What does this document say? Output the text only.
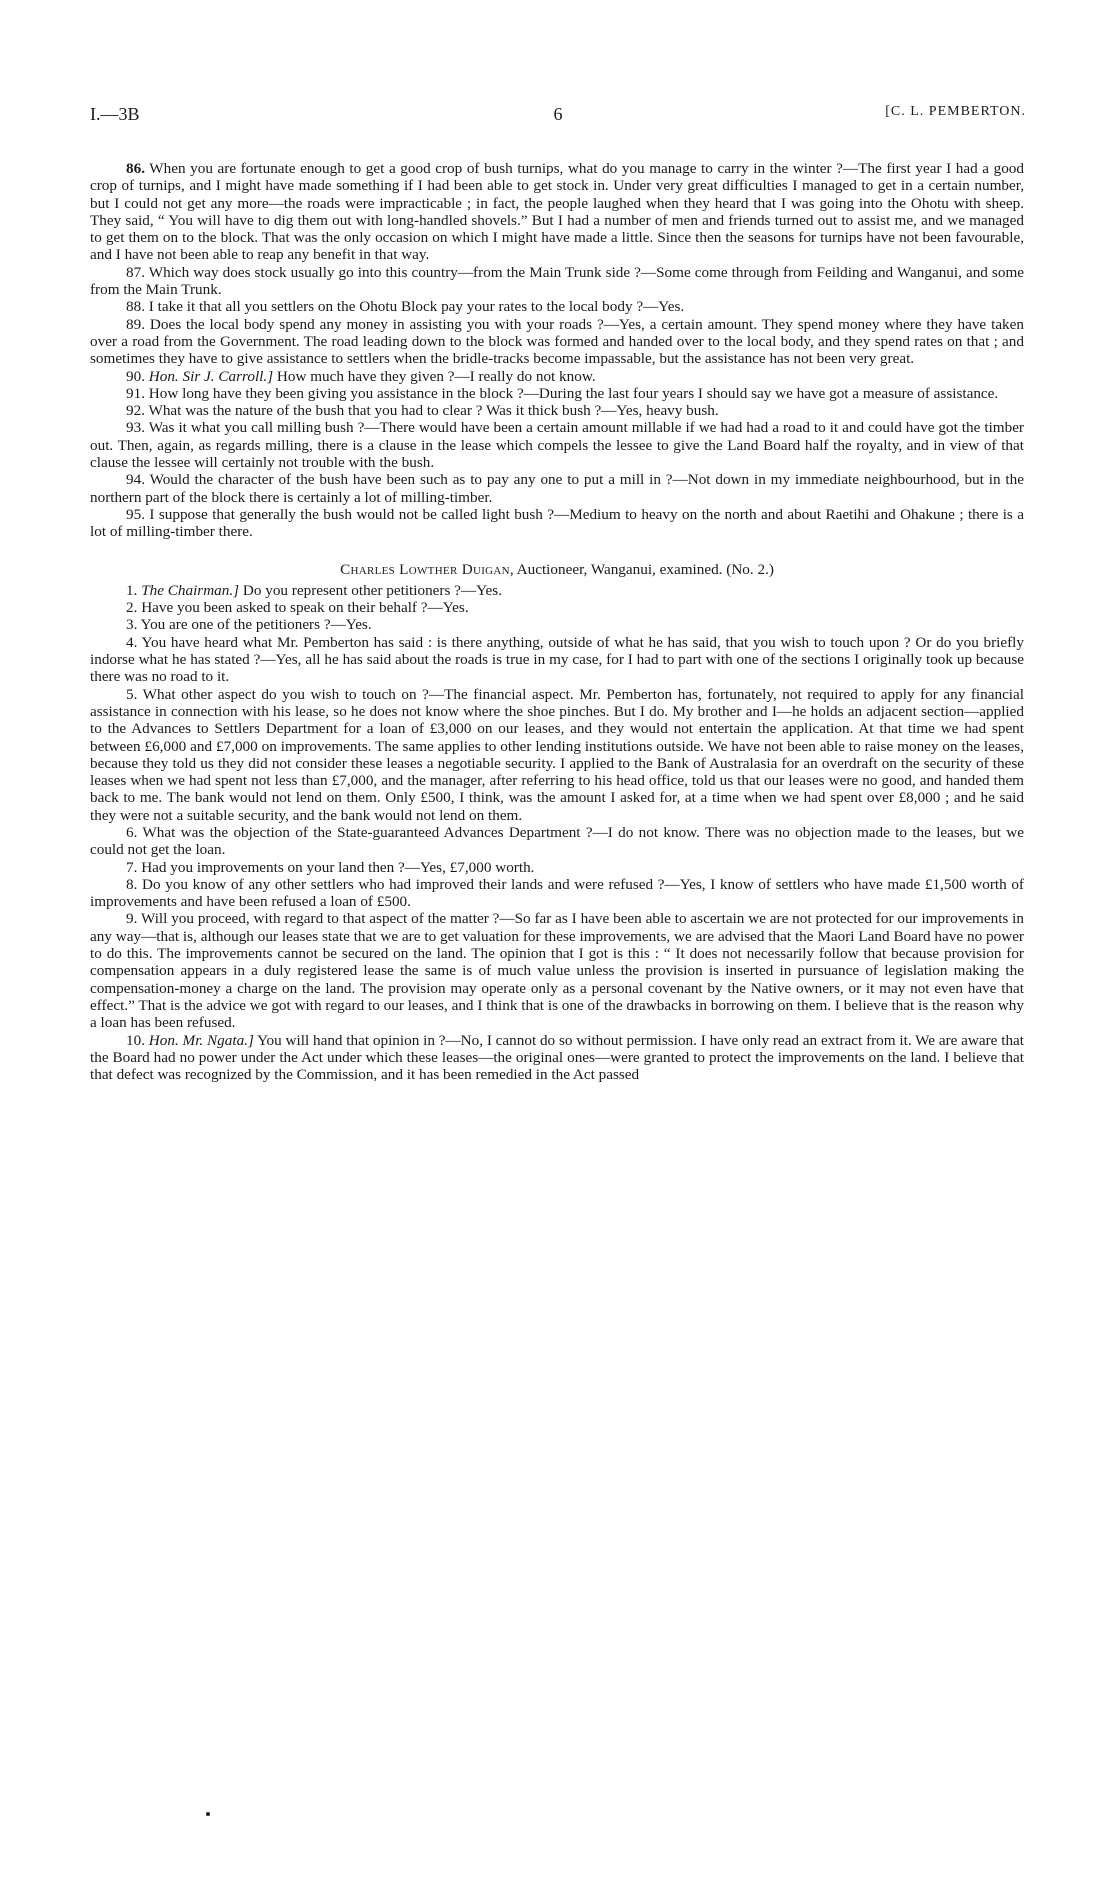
I.—3B	6	[C. L. PEMBERTON.

86. When you are fortunate enough to get a good crop of bush turnips, what do you manage to carry in the winter ?—The first year I had a good crop of turnips, and I might have made something if I had been able to get stock in. Under very great difficulties I managed to get in a certain number, but I could not get any more—the roads were impracticable ; in fact, the people laughed when they heard that I was going into the Ohotu with sheep. They said, “ You will have to dig them out with long-handled shovels.” But I had a number of men and friends turned out to assist me, and we managed to get them on to the block. That was the only occasion on which I might have made a little. Since then the seasons for turnips have not been favourable, and I have not been able to reap any benefit in that way.

87. Which way does stock usually go into this country—from the Main Trunk side ?—Some come through from Feilding and Wanganui, and some from the Main Trunk.

88. I take it that all you settlers on the Ohotu Block pay your rates to the local body ?—Yes.

89. Does the local body spend any money in assisting you with your roads ?—Yes, a certain amount. They spend money where they have taken over a road from the Government. The road leading down to the block was formed and handed over to the local body, and they spend rates on that ; and sometimes they have to give assistance to settlers when the bridle-tracks become impassable, but the assistance has not been very great.

90. Hon. Sir J. Carroll.] How much have they given ?—I really do not know.

91. How long have they been giving you assistance in the block ?—During the last four years I should say we have got a measure of assistance.

92. What was the nature of the bush that you had to clear ? Was it thick bush ?—Yes, heavy bush.

93. Was it what you call milling bush ?—There would have been a certain amount millable if we had had a road to it and could have got the timber out. Then, again, as regards milling, there is a clause in the lease which compels the lessee to give the Land Board half the royalty, and in view of that clause the lessee will certainly not trouble with the bush.

94. Would the character of the bush have been such as to pay any one to put a mill in ?—Not down in my immediate neighbourhood, but in the northern part of the block there is certainly a lot of milling-timber.

95. I suppose that generally the bush would not be called light bush ?—Medium to heavy on the north and about Raetihi and Ohakune ; there is a lot of milling-timber there.

Charles Lowther Duigan, Auctioneer, Wanganui, examined. (No. 2.)

1. The Chairman.] Do you represent other petitioners ?—Yes.

2. Have you been asked to speak on their behalf ?—Yes.

3. You are one of the petitioners ?—Yes.

4. You have heard what Mr. Pemberton has said : is there anything, outside of what he has said, that you wish to touch upon ? Or do you briefly indorse what he has stated ?—Yes, all he has said about the roads is true in my case, for I had to part with one of the sections I originally took up because there was no road to it.

5. What other aspect do you wish to touch on ?—The financial aspect. Mr. Pemberton has, fortunately, not required to apply for any financial assistance in connection with his lease, so he does not know where the shoe pinches. But I do. My brother and I—he holds an adjacent section—applied to the Advances to Settlers Department for a loan of £3,000 on our leases, and they would not entertain the application. At that time we had spent between £6,000 and £7,000 on improvements. The same applies to other lending institutions outside. We have not been able to raise money on the leases, because they told us they did not consider these leases a negotiable security. I applied to the Bank of Australasia for an overdraft on the security of these leases when we had spent not less than £7,000, and the manager, after referring to his head office, told us that our leases were no good, and handed them back to me. The bank would not lend on them. Only £500, I think, was the amount I asked for, at a time when we had spent over £8,000 ; and he said they were not a suitable security, and the bank would not lend on them.

6. What was the objection of the State-guaranteed Advances Department ?—I do not know. There was no objection made to the leases, but we could not get the loan.

7. Had you improvements on your land then ?—Yes, £7,000 worth.

8. Do you know of any other settlers who had improved their lands and were refused ?—Yes, I know of settlers who have made £1,500 worth of improvements and have been refused a loan of £500.

9. Will you proceed, with regard to that aspect of the matter ?—So far as I have been able to ascertain we are not protected for our improvements in any way—that is, although our leases state that we are to get valuation for these improvements, we are advised that the Maori Land Board have no power to do this. The improvements cannot be secured on the land. The opinion that I got is this : “ It does not necessarily follow that because provision for compensation appears in a duly registered lease the same is of much value unless the provision is inserted in pursuance of legislation making the compensation-money a charge on the land. The provision may operate only as a personal covenant by the Native owners, or it may not even have that effect.” That is the advice we got with regard to our leases, and I think that is one of the drawbacks in borrowing on them. I believe that is the reason why a loan has been refused.

10. Hon. Mr. Ngata.] You will hand that opinion in ?—No, I cannot do so without permission. I have only read an extract from it. We are aware that the Board had no power under the Act under which these leases—the original ones—were granted to protect the improvements on the land. I believe that that defect was recognized by the Commission, and it has been remedied in the Act passed
